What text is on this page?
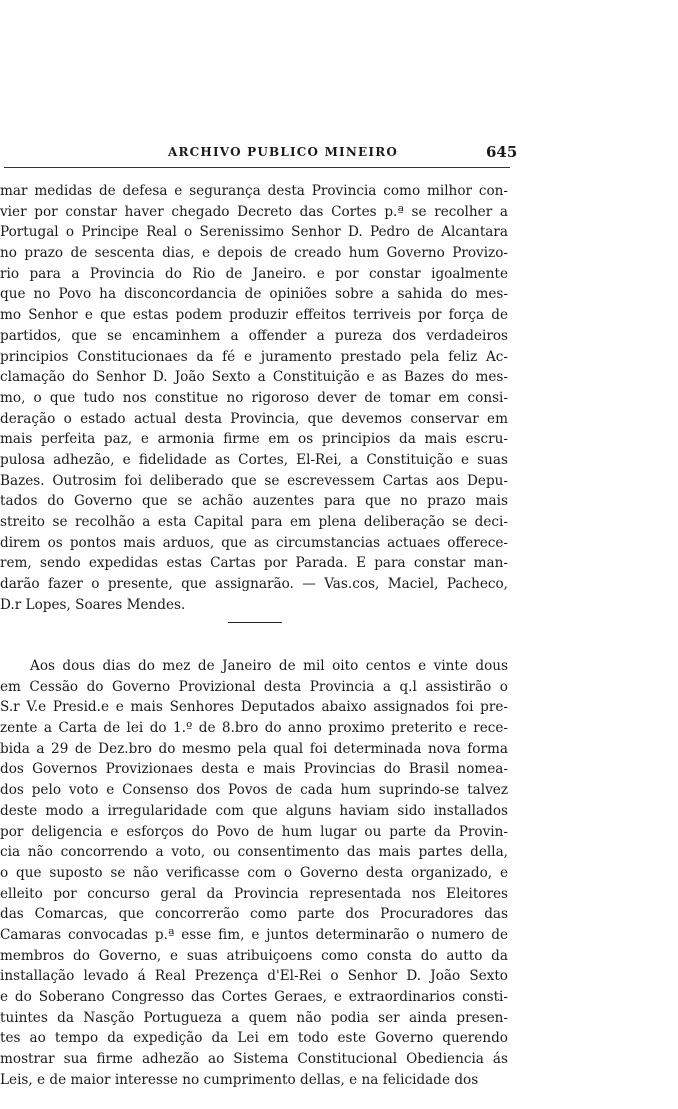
ARCHIVO PUBLICO MINEIRO	645
mar medidas de defesa e segurança desta Provincia como milhor con-
vier por constar haver chegado Decreto das Cortes p.ª se recolher a
Portugal o Principe Real o Serenissimo Senhor D. Pedro de Alcantara
no prazo de sescenta dias, e depois de creado hum Governo Provizo-
rio para a Provincia do Rio de Janeiro. e por constar igoalmente
que no Povo ha disconcordancia de opiniões sobre a sahida do mes-
mo Senhor e que estas podem produzir effeitos terriveis por força de
partidos, que se encaminhem a offender a pureza dos verdadeiros
principios Constitucionaes da fé e juramento prestado pela feliz Ac-
clamação do Senhor D. João Sexto a Constituição e as Bazes do mes-
mo, o que tudo nos constitue no rigoroso dever de tomar em consi-
deração o estado actual desta Provincia, que devemos conservar em
mais perfeita paz, e armonia firme em os principios da mais escru-
pulosa adhezão, e fidelidade as Cortes, El-Rei, a Constituição e suas
Bazes. Outrosim foi deliberado que se escrevessem Cartas aos Depu-
tados do Governo que se achão auzentes para que no prazo mais
streito se recolhão a esta Capital para em plena deliberação se deci-
direm os pontos mais arduos, que as circumstancias actuaes offerece-
rem, sendo expedidas estas Cartas por Parada. E para constar man-
darão fazer o presente, que assignarão. — Vas.cos, Maciel, Pacheco,
D.r Lopes, Soares Mendes.
Aos dous dias do mez de Janeiro de mil oito centos e vinte dous
em Cessão do Governo Provizional desta Provincia a q.l assistirão o
S.r V.e Presid.e e mais Senhores Deputados abaixo assignados foi pre-
zente a Carta de lei do 1.º de 8.bro do anno proximo preterito e rece-
bida a 29 de Dez.bro do mesmo pela qual foi determinada nova forma
dos Governos Provizionaes desta e mais Provincias do Brasil nomea-
dos pelo voto e Consenso dos Povos de cada hum suprindo-se talvez
deste modo a irregularidade com que alguns haviam sido installados
por deligencia e esforços do Povo de hum lugar ou parte da Provin-
cia não concorrendo a voto, ou consentimento das mais partes della,
o que suposto se não verificasse com o Governo desta organizado, e
elleito por concurso geral da Provincia representada nos Eleitores
das Comarcas, que concorrerão como parte dos Procuradores das
Camaras convocadas p.ª esse fim, e juntos determinarão o numero de
membros do Governo, e suas atribuiçoens como consta do autto da
installação levado á Real Prezença d'El-Rei o Senhor D. João Sexto
e do Soberano Congresso das Cortes Geraes, e extraordinarios consti-
tuintes da Nasção Portugueza a quem não podia ser ainda presen-
tes ao tempo da expedição da Lei em todo este Governo querendo
mostrar sua firme adhezão ao Sistema Constitucional Obediencia ás
Leis, e de maior interesse no cumprimento dellas, e na felicidade dos
